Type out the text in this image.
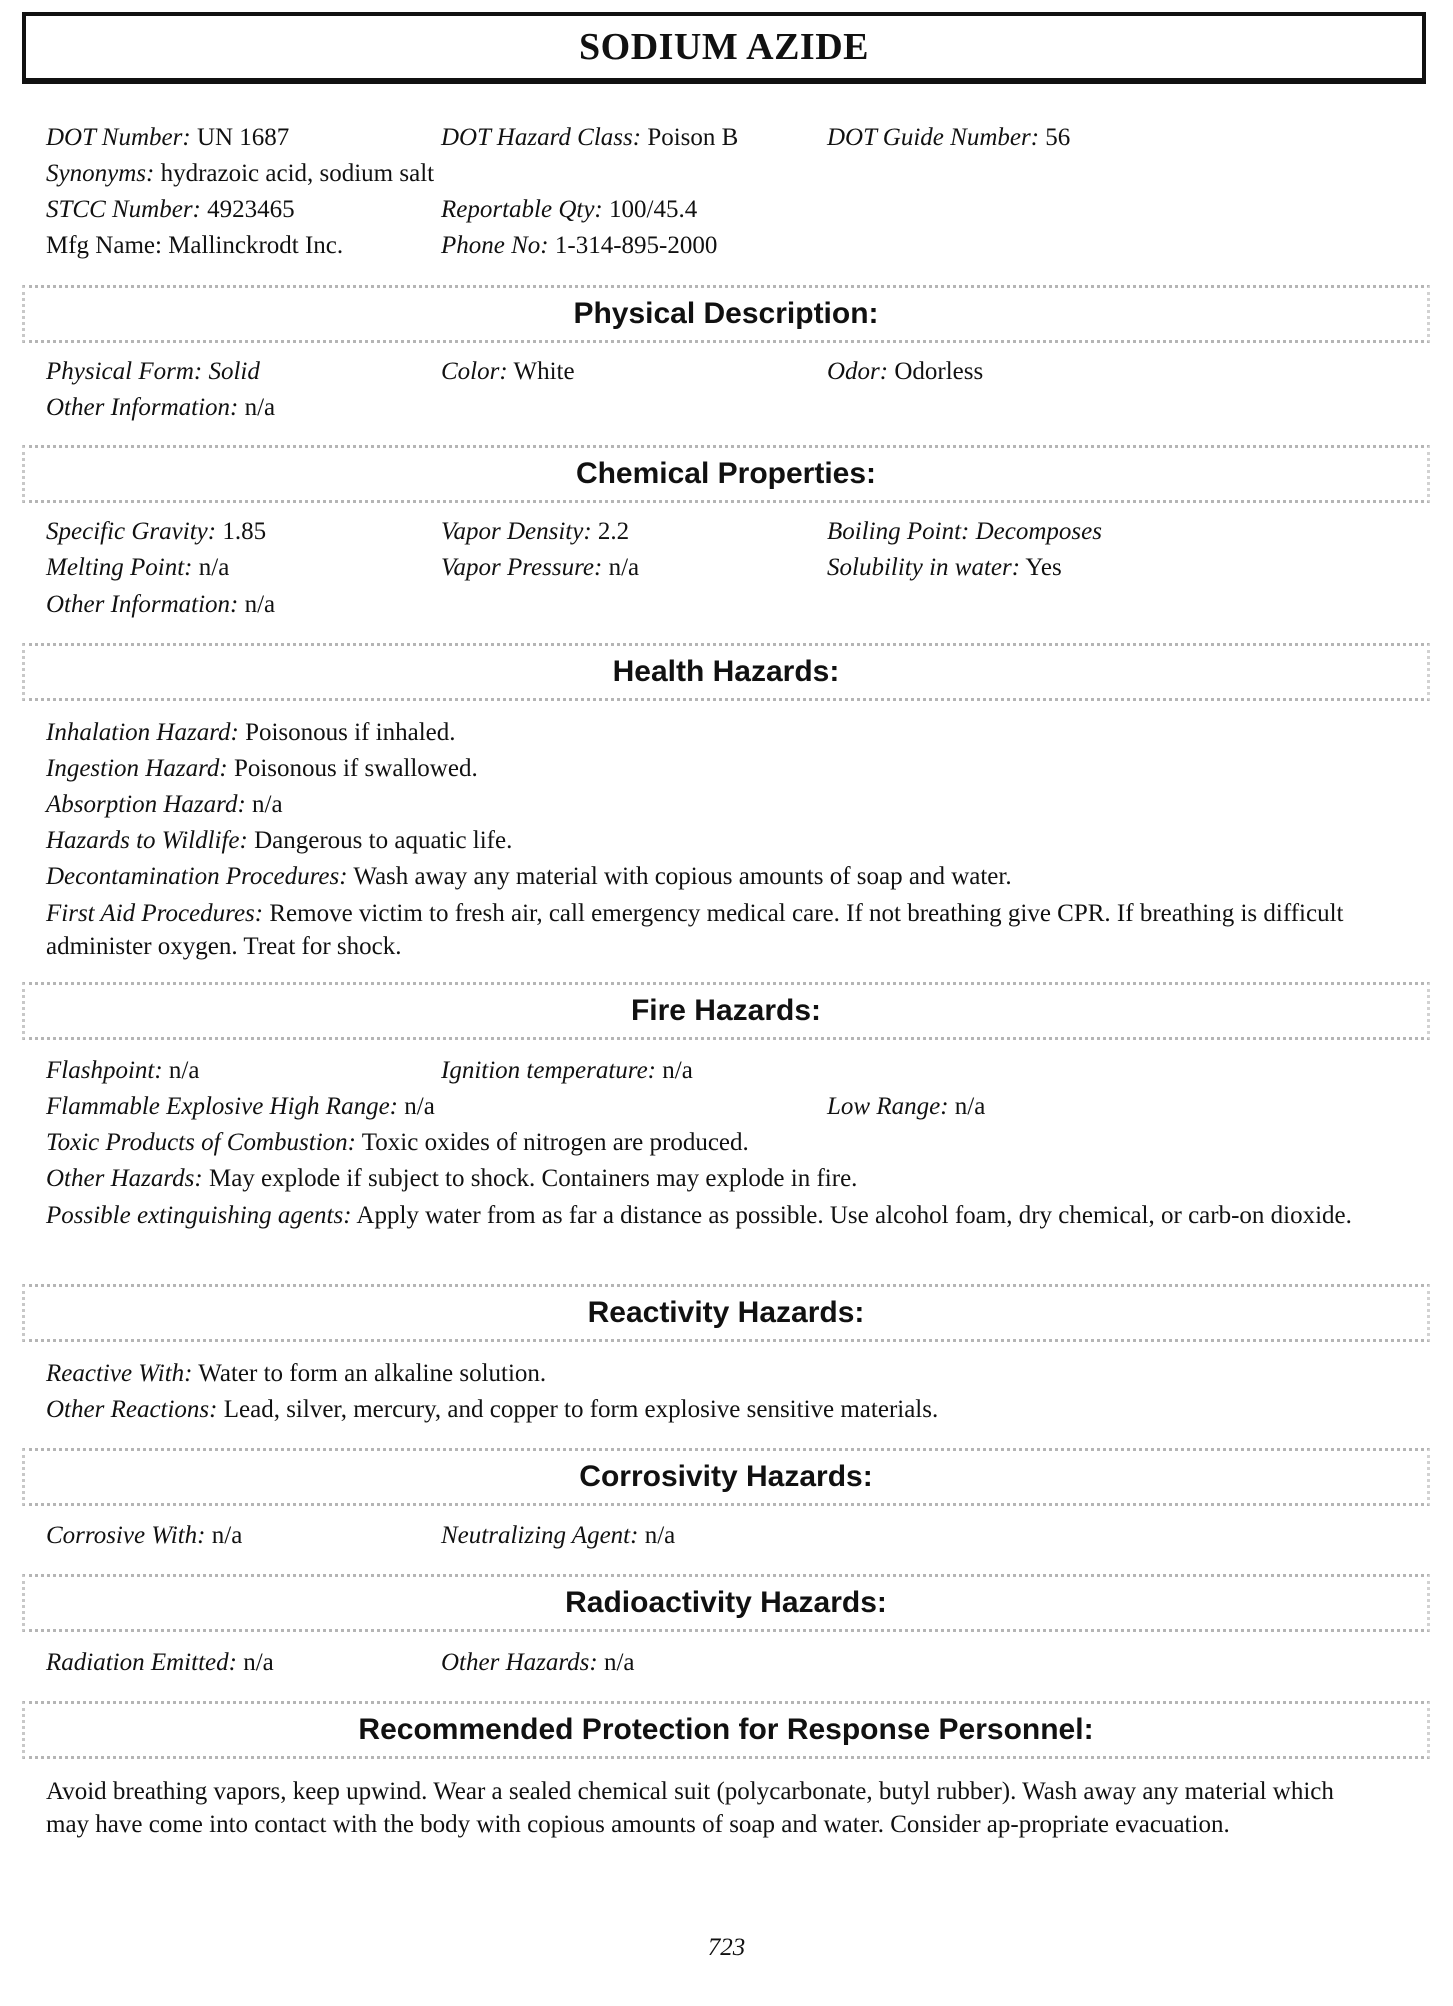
SODIUM AZIDE
DOT Number: UN 1687	DOT Hazard Class: Poison B	DOT Guide Number: 56
Synonyms: hydrazoic acid, sodium salt
STCC Number: 4923465	Reportable Qty: 100/45.4
Mfg Name: Mallinckrodt Inc.	Phone No: 1-314-895-2000
Physical Description:
Physical Form: Solid	Color: White	Odor: Odorless
Other Information: n/a
Chemical Properties:
Specific Gravity: 1.85	Vapor Density: 2.2	Boiling Point: Decomposes
Melting Point: n/a	Vapor Pressure: n/a	Solubility in water: Yes
Other Information: n/a
Health Hazards:
Inhalation Hazard: Poisonous if inhaled.
Ingestion Hazard: Poisonous if swallowed.
Absorption Hazard: n/a
Hazards to Wildlife: Dangerous to aquatic life.
Decontamination Procedures: Wash away any material with copious amounts of soap and water.
First Aid Procedures: Remove victim to fresh air, call emergency medical care. If not breathing give CPR. If breathing is difficult administer oxygen. Treat for shock.
Fire Hazards:
Flashpoint: n/a	Ignition temperature: n/a
Flammable Explosive High Range: n/a	Low Range: n/a
Toxic Products of Combustion: Toxic oxides of nitrogen are produced.
Other Hazards: May explode if subject to shock. Containers may explode in fire.
Possible extinguishing agents: Apply water from as far a distance as possible. Use alcohol foam, dry chemical, or carb-on dioxide.
Reactivity Hazards:
Reactive With: Water to form an alkaline solution.
Other Reactions: Lead, silver, mercury, and copper to form explosive sensitive materials.
Corrosivity Hazards:
Corrosive With: n/a	Neutralizing Agent: n/a
Radioactivity Hazards:
Radiation Emitted: n/a	Other Hazards: n/a
Recommended Protection for Response Personnel:
Avoid breathing vapors, keep upwind. Wear a sealed chemical suit (polycarbonate, butyl rubber). Wash away any material which may have come into contact with the body with copious amounts of soap and water. Consider ap-propriate evacuation.
723
